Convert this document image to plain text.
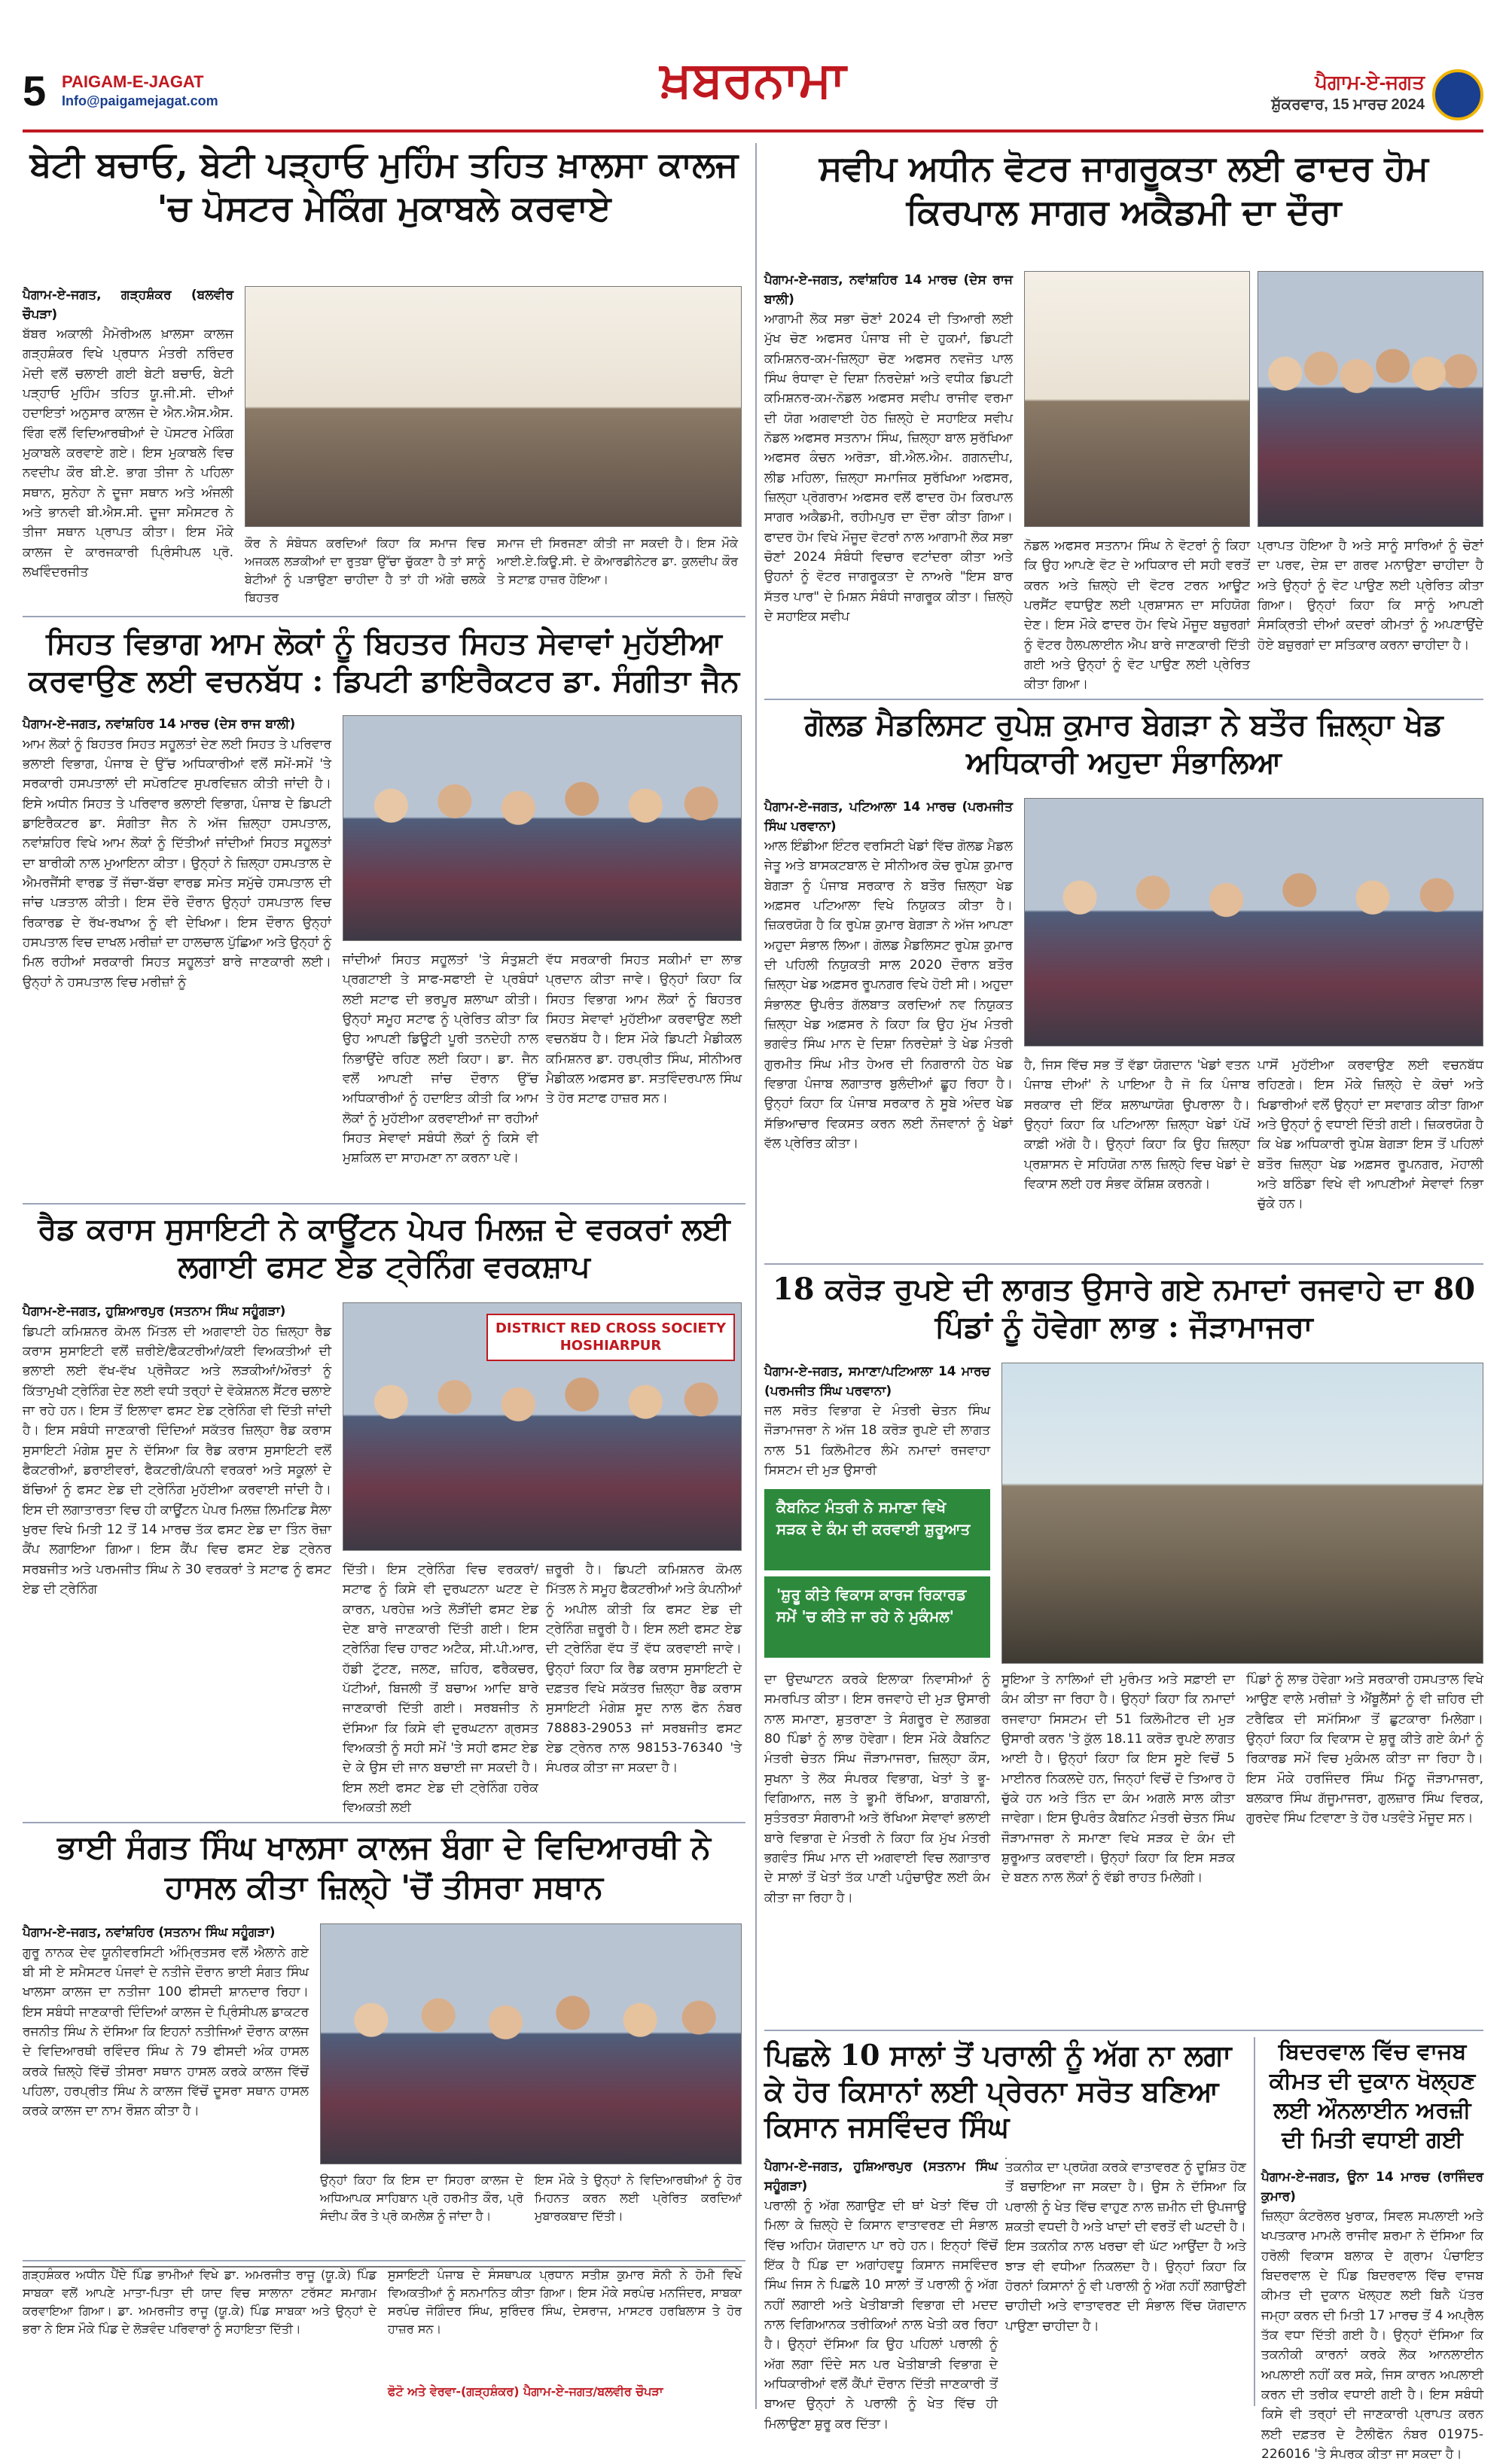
5 PAIGAM-E-JAGAT
Info@paigamejagat.com	ਖ਼ਬਰਨਾਮਾ	ਪੈਗਾਮ-ਏ-ਜਗਤ
ਸ਼ੁੱਕਰਵਾਰ, 15 ਮਾਰਚ 2024
ਬੇਟੀ ਬਚਾਓ, ਬੇਟੀ ਪੜ੍ਹਾਓ ਮੁਹਿੰਮ ਤਹਿਤ ਖ਼ਾਲਸਾ ਕਾਲਜ 'ਚ ਪੋਸਟਰ ਮੇਕਿੰਗ ਮੁਕਾਬਲੇ ਕਰਵਾਏ
ਪੈਗਾਮ-ਏ-ਜਗਤ, ਗੜ੍ਹਸ਼ੰਕਰ (ਬਲਵੀਰ ਚੌਪੜਾ)
ਬੱਬਰ ਅਕਾਲੀ ਮੈਮੋਰੀਅਲ ਖ਼ਾਲਸਾ ਕਾਲਜ ਗੜ੍ਹਸ਼ੰਕਰ ਵਿਖੇ ਪ੍ਰਧਾਨ ਮੰਤਰੀ ਨਰਿੰਦਰ ਮੋਦੀ ਵਲੋਂ ਚਲਾਈ ਗਈ ਬੇਟੀ ਬਚਾਓ, ਬੇਟੀ ਪੜ੍ਹਾਓ ਮੁਹਿੰਮ ਤਹਿਤ ਯੂ.ਜੀ.ਸੀ. ਦੀਆਂ ਹਦਾਇਤਾਂ ਅਨੁਸਾਰ ਕਾਲਜ ਦੇ ਐਨ.ਐਸ.ਐਸ. ਵਿੰਗ ਵਲੋਂ ਵਿਦਿਆਰਥੀਆਂ ਦੇ ਪੋਸਟਰ ਮੇਕਿੰਗ ਮੁਕਾਬਲੇ ਕਰਵਾਏ ਗਏ। ਇਸ ਮੁਕਾਬਲੇ ਵਿਚ ਨਵਦੀਪ ਕੌਰ ਬੀ.ਏ. ਭਾਗ ਤੀਜਾ ਨੇ ਪਹਿਲਾ ਸਥਾਨ, ਸੁਨੇਹਾ ਨੇ ਦੂਜਾ ਸਥਾਨ ਅਤੇ ਅੰਜਲੀ ਅਤੇ ਭਾਨਵੀ ਬੀ.ਐਸ.ਸੀ. ਦੂਜਾ ਸਮੈਸਟਰ ਨੇ ਤੀਜਾ ਸਥਾਨ ਪ੍ਰਾਪਤ ਕੀਤਾ। ਇਸ ਮੌਕੇ ਕਾਲਜ ਦੇ ਕਾਰਜਕਾਰੀ ਪ੍ਰਿੰਸੀਪਲ ਪ੍ਰੋ. ਲਖਵਿੰਦਰਜੀਤ
ਕੌਰ ਨੇ ਸੰਬੋਧਨ ਕਰਦਿਆਂ ਕਿਹਾ ਕਿ ਸਮਾਜ ਵਿਚ ਅਜਕਲ ਲੜਕੀਆਂ ਦਾ ਰੁਤਬਾ ਉੱਚਾ ਚੁੱਕਣਾ ਹੈ ਤਾਂ ਸਾਨੂੰ ਬੇਟੀਆਂ ਨੂੰ ਪੜਾਉਣਾ ਚਾਹੀਦਾ ਹੈ ਤਾਂ ਹੀ ਅੱਗੇ ਚਲਕੇ ਬਿਹਤਰ
ਸਮਾਜ ਦੀ ਸਿਰਜਣਾ ਕੀਤੀ ਜਾ ਸਕਦੀ ਹੈ। ਇਸ ਮੌਕੇ ਆਈ.ਏ.ਕਿਊ.ਸੀ. ਦੇ ਕੋਆਰਡੀਨੇਟਰ ਡਾ. ਕੁਲਦੀਪ ਕੌਰ ਤੇ ਸਟਾਫ਼ ਹਾਜ਼ਰ ਹੋਇਆ।
ਸਿਹਤ ਵਿਭਾਗ ਆਮ ਲੋਕਾਂ ਨੂੰ ਬਿਹਤਰ ਸਿਹਤ ਸੇਵਾਵਾਂ ਮੁਹੱਈਆ ਕਰਵਾਉਣ ਲਈ ਵਚਨਬੱਧ : ਡਿਪਟੀ ਡਾਇਰੈਕਟਰ ਡਾ. ਸੰਗੀਤਾ ਜੈਨ
ਪੈਗਾਮ-ਏ-ਜਗਤ, ਨਵਾਂਸ਼ਹਿਰ 14 ਮਾਰਚ (ਦੇਸ ਰਾਜ ਬਾਲੀ)
ਆਮ ਲੋਕਾਂ ਨੂੰ ਬਿਹਤਰ ਸਿਹਤ ਸਹੂਲਤਾਂ ਦੇਣ ਲਈ ਸਿਹਤ ਤੇ ਪਰਿਵਾਰ ਭਲਾਈ ਵਿਭਾਗ, ਪੰਜਾਬ ਦੇ ਉੱਚ ਅਧਿਕਾਰੀਆਂ ਵਲੋਂ ਸਮੇਂ-ਸਮੇਂ 'ਤੇ ਸਰਕਾਰੀ ਹਸਪਤਾਲਾਂ ਦੀ ਸਪੋਰਟਿਵ ਸੁਪਰਵਿਜ਼ਨ ਕੀਤੀ ਜਾਂਦੀ ਹੈ। ਇਸੇ ਅਧੀਨ ਸਿਹਤ ਤੇ ਪਰਿਵਾਰ ਭਲਾਈ ਵਿਭਾਗ, ਪੰਜਾਬ ਦੇ ਡਿਪਟੀ ਡਾਇਰੈਕਟਰ ਡਾ. ਸੰਗੀਤਾ ਜੈਨ ਨੇ ਅੱਜ ਜ਼ਿਲ੍ਹਾ ਹਸਪਤਾਲ, ਨਵਾਂਸ਼ਹਿਰ ਵਿਖੇ ਆਮ ਲੋਕਾਂ ਨੂੰ ਦਿੱਤੀਆਂ ਜਾਂਦੀਆਂ ਸਿਹਤ ਸਹੂਲਤਾਂ ਦਾ ਬਾਰੀਕੀ ਨਾਲ ਮੁਆਇਨਾ ਕੀਤਾ। ਉਨ੍ਹਾਂ ਨੇ ਜ਼ਿਲ੍ਹਾ ਹਸਪਤਾਲ ਦੇ ਐਮਰਜੈਂਸੀ ਵਾਰਡ ਤੋਂ ਜੱਚਾ-ਬੱਚਾ ਵਾਰਡ ਸਮੇਤ ਸਮੁੱਚੇ ਹਸਪਤਾਲ ਦੀ ਜਾਂਚ ਪੜਤਾਲ ਕੀਤੀ। ਇਸ ਦੌਰੇ ਦੌਰਾਨ ਉਨ੍ਹਾਂ ਹਸਪਤਾਲ ਵਿਚ ਰਿਕਾਰਡ ਦੇ ਰੱਖ-ਰਖਾਅ ਨੂੰ ਵੀ ਦੇਖਿਆ। ਇਸ ਦੌਰਾਨ ਉਨ੍ਹਾਂ ਹਸਪਤਾਲ ਵਿਚ ਦਾਖਲ ਮਰੀਜ਼ਾਂ ਦਾ ਹਾਲਚਾਲ ਪੁੱਛਿਆ ਅਤੇ ਉਨ੍ਹਾਂ ਨੂੰ ਮਿਲ ਰਹੀਆਂ ਸਰਕਾਰੀ ਸਿਹਤ ਸਹੂਲਤਾਂ ਬਾਰੇ ਜਾਣਕਾਰੀ ਲਈ। ਉਨ੍ਹਾਂ ਨੇ ਹਸਪਤਾਲ ਵਿਚ ਮਰੀਜ਼ਾਂ ਨੂੰ
ਜਾਂਦੀਆਂ ਸਿਹਤ ਸਹੂਲਤਾਂ 'ਤੇ ਸੰਤੁਸ਼ਟੀ ਪ੍ਰਗਟਾਈ ਤੇ ਸਾਫ-ਸਫਾਈ ਦੇ ਪ੍ਰਬੰਧਾਂ ਲਈ ਸਟਾਫ ਦੀ ਭਰਪੂਰ ਸ਼ਲਾਘਾ ਕੀਤੀ। ਉਨ੍ਹਾਂ ਸਮੂਹ ਸਟਾਫ ਨੂੰ ਪ੍ਰੇਰਿਤ ਕੀਤਾ ਕਿ ਉਹ ਆਪਣੀ ਡਿਊਟੀ ਪੂਰੀ ਤਨਦੇਹੀ ਨਾਲ ਨਿਭਾਉਂਦੇ ਰਹਿਣ ਲਈ ਕਿਹਾ। ਡਾ. ਜੈਨ ਵਲੋਂ ਆਪਣੀ ਜਾਂਚ ਦੌਰਾਨ ਉੱਚ ਅਧਿਕਾਰੀਆਂ ਨੂੰ ਹਦਾਇਤ ਕੀਤੀ ਕਿ ਆਮ ਲੋਕਾਂ ਨੂੰ ਮੁਹੱਈਆ ਕਰਵਾਈਆਂ ਜਾ ਰਹੀਆਂ ਸਿਹਤ ਸੇਵਾਵਾਂ ਸਬੰਧੀ ਲੋਕਾਂ ਨੂੰ ਕਿਸੇ ਵੀ ਮੁਸ਼ਕਿਲ ਦਾ ਸਾਹਮਣਾ ਨਾ ਕਰਨਾ ਪਵੇ।
ਵੱਧ ਸਰਕਾਰੀ ਸਿਹਤ ਸਕੀਮਾਂ ਦਾ ਲਾਭ ਪ੍ਰਦਾਨ ਕੀਤਾ ਜਾਵੇ। ਉਨ੍ਹਾਂ ਕਿਹਾ ਕਿ ਸਿਹਤ ਵਿਭਾਗ ਆਮ ਲੋਕਾਂ ਨੂੰ ਬਿਹਤਰ ਸਿਹਤ ਸੇਵਾਵਾਂ ਮੁਹੱਈਆ ਕਰਵਾਉਣ ਲਈ ਵਚਨਬੱਧ ਹੈ। ਇਸ ਮੌਕੇ ਡਿਪਟੀ ਮੈਡੀਕਲ ਕਮਿਸ਼ਨਰ ਡਾ. ਹਰਪ੍ਰੀਤ ਸਿੰਘ, ਸੀਨੀਅਰ ਮੈਡੀਕਲ ਅਫਸਰ ਡਾ. ਸਤਵਿੰਦਰਪਾਲ ਸਿੰਘ ਤੇ ਹੋਰ ਸਟਾਫ ਹਾਜ਼ਰ ਸਨ।
ਰੈਡ ਕਰਾਸ ਸੁਸਾਇਟੀ ਨੇ ਕਾਊਂਟਨ ਪੇਪਰ ਮਿਲਜ਼ ਦੇ ਵਰਕਰਾਂ ਲਈ ਲਗਾਈ ਫਸਟ ਏਡ ਟ੍ਰੇਨਿੰਗ ਵਰਕਸ਼ਾਪ
ਪੈਗਾਮ-ਏ-ਜਗਤ, ਹੁਸ਼ਿਆਰਪੁਰ (ਸਤਨਾਮ ਸਿੰਘ ਸਹੂੰਗੜਾ)
ਡਿਪਟੀ ਕਮਿਸ਼ਨਰ ਕੋਮਲ ਮਿੱਤਲ ਦੀ ਅਗਵਾਈ ਹੇਠ ਜ਼ਿਲ੍ਹਾ ਰੈਡ ਕਰਾਸ ਸੁਸਾਇਟੀ ਵਲੋਂ ਜ਼ਰੀਏ/ਫੈਕਟਰੀਆਂ/ਕਈ ਵਿਅਕਤੀਆਂ ਦੀ ਭਲਾਈ ਲਈ ਵੱਖ-ਵੱਖ ਪ੍ਰੋਜੈਕਟ ਅਤੇ ਲੜਕੀਆਂ/ਔਰਤਾਂ ਨੂੰ ਕਿੱਤਾਮੁਖੀ ਟ੍ਰੇਨਿੰਗ ਦੇਣ ਲਈ ਵਧੀ ਤਰ੍ਹਾਂ ਦੇ ਵੋਕੇਸ਼ਨਲ ਸੈਂਟਰ ਚਲਾਏ ਜਾ ਰਹੇ ਹਨ। ਇਸ ਤੋਂ ਇਲਾਵਾ ਫਸਟ ਏਡ ਟ੍ਰੇਨਿੰਗ ਵੀ ਦਿੱਤੀ ਜਾਂਦੀ ਹੈ। ਇਸ ਸਬੰਧੀ ਜਾਣਕਾਰੀ ਦਿੰਦਿਆਂ ਸਕੱਤਰ ਜ਼ਿਲ੍ਹਾ ਰੈਡ ਕਰਾਸ ਸੁਸਾਇਟੀ ਮੰਗੇਸ਼ ਸੂਦ ਨੇ ਦੱਸਿਆ ਕਿ ਰੈਡ ਕਰਾਸ ਸੁਸਾਇਟੀ ਵਲੋਂ ਫੈਕਟਰੀਆਂ, ਡਰਾਈਵਰਾਂ, ਫੈਕਟਰੀ/ਕੰਪਨੀ ਵਰਕਰਾਂ ਅਤੇ ਸਕੂਲਾਂ ਦੇ ਬੱਚਿਆਂ ਨੂੰ ਫਸਟ ਏਡ ਦੀ ਟ੍ਰੇਨਿੰਗ ਮੁਹੱਈਆ ਕਰਵਾਈ ਜਾਂਦੀ ਹੈ। ਇਸ ਦੀ ਲਗਾਤਾਰਤਾ ਵਿਚ ਹੀ ਕਾਊਂਟਨ ਪੇਪਰ ਮਿਲਜ਼ ਲਿਮਟਿਡ ਸੈਲਾ ਖੁਰਦ ਵਿਖੇ ਮਿਤੀ 12 ਤੋਂ 14 ਮਾਰਚ ਤੱਕ ਫਸਟ ਏਡ ਦਾ ਤਿੰਨ ਰੋਜ਼ਾ ਕੈਂਪ ਲਗਾਇਆ ਗਿਆ। ਇਸ ਕੈਂਪ ਵਿਚ ਫਸਟ ਏਡ ਟ੍ਰੇਨਰ ਸਰਬਜੀਤ ਅਤੇ ਪਰਮਜੀਤ ਸਿੰਘ ਨੇ 30 ਵਰਕਰਾਂ ਤੇ ਸਟਾਫ ਨੂੰ ਫਸਟ ਏਡ ਦੀ ਟ੍ਰੇਨਿੰਗ
DISTRICT RED CROSS SOCIETY HOSHIARPUR
ਦਿੱਤੀ। ਇਸ ਟ੍ਰੇਨਿੰਗ ਵਿਚ ਵਰਕਰਾਂ/ਸਟਾਫ ਨੂੰ ਕਿਸੇ ਵੀ ਦੁਰਘਟਨਾ ਘਟਣ ਦੇ ਕਾਰਨ, ਪਰਹੇਜ਼ ਅਤੇ ਲੋੜੀਂਦੀ ਫਸਟ ਏਡ ਦੇਣ ਬਾਰੇ ਜਾਣਕਾਰੀ ਦਿੱਤੀ ਗਈ। ਇਸ ਟ੍ਰੇਨਿੰਗ ਵਿਚ ਹਾਰਟ ਅਟੈਕ, ਸੀ.ਪੀ.ਆਰ, ਹੱਡੀ ਟੁੱਟਣ, ਜਲਣ, ਜ਼ਹਿਰ, ਫਰੈਕਚਰ, ਪੱਟੀਆਂ, ਬਿਜਲੀ ਤੋਂ ਬਚਾਅ ਆਦਿ ਬਾਰੇ ਜਾਣਕਾਰੀ ਦਿੱਤੀ ਗਈ। ਸਰਬਜੀਤ ਨੇ ਦੱਸਿਆ ਕਿ ਕਿਸੇ ਵੀ ਦੁਰਘਟਨਾ ਗ੍ਰਸਤ ਵਿਅਕਤੀ ਨੂੰ ਸਹੀ ਸਮੇਂ 'ਤੇ ਸਹੀ ਫਸਟ ਏਡ ਦੇ ਕੇ ਉਸ ਦੀ ਜਾਨ ਬਚਾਈ ਜਾ ਸਕਦੀ ਹੈ। ਇਸ ਲਈ ਫਸਟ ਏਡ ਦੀ ਟ੍ਰੇਨਿੰਗ ਹਰੇਕ ਵਿਅਕਤੀ ਲਈ
ਜ਼ਰੂਰੀ ਹੈ। ਡਿਪਟੀ ਕਮਿਸ਼ਨਰ ਕੋਮਲ ਮਿੱਤਲ ਨੇ ਸਮੂਹ ਫੈਕਟਰੀਆਂ ਅਤੇ ਕੰਪਨੀਆਂ ਨੂੰ ਅਪੀਲ ਕੀਤੀ ਕਿ ਫਸਟ ਏਡ ਦੀ ਟ੍ਰੇਨਿੰਗ ਜ਼ਰੂਰੀ ਹੈ। ਇਸ ਲਈ ਫਸਟ ਏਡ ਦੀ ਟ੍ਰੇਨਿੰਗ ਵੱਧ ਤੋਂ ਵੱਧ ਕਰਵਾਈ ਜਾਵੇ। ਉਨ੍ਹਾਂ ਕਿਹਾ ਕਿ ਰੈਡ ਕਰਾਸ ਸੁਸਾਇਟੀ ਦੇ ਦਫ਼ਤਰ ਵਿਖੇ ਸਕੱਤਰ ਜ਼ਿਲ੍ਹਾ ਰੈਡ ਕਰਾਸ ਸੁਸਾਇਟੀ ਮੰਗੇਸ਼ ਸੂਦ ਨਾਲ ਫੋਨ ਨੰਬਰ 78883-29053 ਜਾਂ ਸਰਬਜੀਤ ਫਸਟ ਏਡ ਟ੍ਰੇਨਰ ਨਾਲ 98153-76340 'ਤੇ ਸੰਪਰਕ ਕੀਤਾ ਜਾ ਸਕਦਾ ਹੈ।
ਭਾਈ ਸੰਗਤ ਸਿੰਘ ਖਾਲਸਾ ਕਾਲਜ ਬੰਗਾ ਦੇ ਵਿਦਿਆਰਥੀ ਨੇ ਹਾਸਲ ਕੀਤਾ ਜ਼ਿਲ੍ਹੇ 'ਚੋਂ ਤੀਸਰਾ ਸਥਾਨ
ਪੈਗਾਮ-ਏ-ਜਗਤ, ਨਵਾਂਸ਼ਹਿਰ (ਸਤਨਾਮ ਸਿੰਘ ਸਹੂੰਗੜਾ)
ਗੁਰੂ ਨਾਨਕ ਦੇਵ ਯੂਨੀਵਰਸਿਟੀ ਅੰਮ੍ਰਿਤਸਰ ਵਲੋਂ ਐਲਾਨੇ ਗਏ ਬੀ ਸੀ ਏ ਸਮੈਸਟਰ ਪੰਜਵਾਂ ਦੇ ਨਤੀਜੇ ਦੌਰਾਨ ਭਾਈ ਸੰਗਤ ਸਿੰਘ ਖਾਲਸਾ ਕਾਲਜ ਦਾ ਨਤੀਜਾ 100 ਫੀਸਦੀ ਸ਼ਾਨਦਾਰ ਰਿਹਾ। ਇਸ ਸਬੰਧੀ ਜਾਣਕਾਰੀ ਦਿੰਦਿਆਂ ਕਾਲਜ ਦੇ ਪ੍ਰਿੰਸੀਪਲ ਡਾਕਟਰ ਰਜਨੀਤ ਸਿੰਘ ਨੇ ਦੱਸਿਆ ਕਿ ਇਹਨਾਂ ਨਤੀਜਿਆਂ ਦੌਰਾਨ ਕਾਲਜ ਦੇ ਵਿਦਿਆਰਥੀ ਰਵਿੰਦਰ ਸਿੰਘ ਨੇ 79 ਫੀਸਦੀ ਅੰਕ ਹਾਸਲ ਕਰਕੇ ਜ਼ਿਲ੍ਹੇ ਵਿੱਚੋਂ ਤੀਸਰਾ ਸਥਾਨ ਹਾਸਲ ਕਰਕੇ ਕਾਲਜ ਵਿੱਚੋਂ ਪਹਿਲਾ, ਹਰਪ੍ਰੀਤ ਸਿੰਘ ਨੇ ਕਾਲਜ ਵਿੱਚੋਂ ਦੂਸਰਾ ਸਥਾਨ ਹਾਸਲ ਕਰਕੇ ਕਾਲਜ ਦਾ ਨਾਮ ਰੌਸ਼ਨ ਕੀਤਾ ਹੈ।
ਉਨ੍ਹਾਂ ਕਿਹਾ ਕਿ ਇਸ ਦਾ ਸਿਹਰਾ ਕਾਲਜ ਦੇ ਅਧਿਆਪਕ ਸਾਹਿਬਾਨ ਪ੍ਰੋ ਹਰਮੀਤ ਕੌਰ, ਪ੍ਰੋ ਸੰਦੀਪ ਕੌਰ ਤੇ ਪ੍ਰੋ ਕਮਲੇਸ਼ ਨੂੰ ਜਾਂਦਾ ਹੈ।
ਇਸ ਮੌਕੇ ਤੇ ਉਨ੍ਹਾਂ ਨੇ ਵਿਦਿਆਰਥੀਆਂ ਨੂੰ ਹੋਰ ਮਿਹਨਤ ਕਰਨ ਲਈ ਪ੍ਰੇਰਿਤ ਕਰਦਿਆਂ ਮੁਬਾਰਕਬਾਦ ਦਿੱਤੀ।
ਸਵੀਪ ਅਧੀਨ ਵੋਟਰ ਜਾਗਰੂਕਤਾ ਲਈ ਫਾਦਰ ਹੋਮ ਕਿਰਪਾਲ ਸਾਗਰ ਅਕੈਡਮੀ ਦਾ ਦੌਰਾ
ਪੈਗਾਮ-ਏ-ਜਗਤ, ਨਵਾਂਸ਼ਹਿਰ 14 ਮਾਰਚ (ਦੇਸ ਰਾਜ ਬਾਲੀ)
ਆਗਾਮੀ ਲੋਕ ਸਭਾ ਚੋਣਾਂ 2024 ਦੀ ਤਿਆਰੀ ਲਈ ਮੁੱਖ ਚੋਣ ਅਫਸਰ ਪੰਜਾਬ ਜੀ ਦੇ ਹੁਕਮਾਂ, ਡਿਪਟੀ ਕਮਿਸ਼ਨਰ-ਕਮ-ਜ਼ਿਲ੍ਹਾ ਚੋਣ ਅਫਸਰ ਨਵਜੋਤ ਪਾਲ ਸਿੰਘ ਰੰਧਾਵਾ ਦੇ ਦਿਸ਼ਾ ਨਿਰਦੇਸ਼ਾਂ ਅਤੇ ਵਧੀਕ ਡਿਪਟੀ ਕਮਿਸ਼ਨਰ-ਕਮ-ਨੋਡਲ ਅਫਸਰ ਸਵੀਪ ਰਾਜੀਵ ਵਰਮਾ ਦੀ ਯੋਗ ਅਗਵਾਈ ਹੇਠ ਜ਼ਿਲ੍ਹੇ ਦੇ ਸਹਾਇਕ ਸਵੀਪ ਨੋਡਲ ਅਫਸਰ ਸਤਨਾਮ ਸਿੰਘ, ਜ਼ਿਲ੍ਹਾ ਬਾਲ ਸੁਰੱਖਿਆ ਅਫਸਰ ਕੰਚਨ ਅਰੋੜਾ, ਬੀ.ਐਲ.ਐਮ. ਗਗਨਦੀਪ, ਲੀਡ ਮਹਿਲਾ, ਜ਼ਿਲ੍ਹਾ ਸਮਾਜਿਕ ਸੁਰੱਖਿਆ ਅਫਸਰ, ਜ਼ਿਲ੍ਹਾ ਪ੍ਰੋਗਰਾਮ ਅਫਸਰ ਵਲੋਂ ਫਾਦਰ ਹੋਮ ਕਿਰਪਾਲ ਸਾਗਰ ਅਕੈਡਮੀ, ਰਹੀਮਪੁਰ ਦਾ ਦੌਰਾ ਕੀਤਾ ਗਿਆ। ਫਾਦਰ ਹੋਮ ਵਿਖੇ ਮੌਜੂਦ ਵੋਟਰਾਂ ਨਾਲ ਆਗਾਮੀ ਲੋਕ ਸਭਾ ਚੋਣਾਂ 2024 ਸੰਬੰਧੀ ਵਿਚਾਰ ਵਟਾਂਦਰਾ ਕੀਤਾ ਅਤੇ ਉਹਨਾਂ ਨੂੰ ਵੋਟਰ ਜਾਗਰੂਕਤਾ ਦੇ ਨਾਅਰੇ "ਇਸ ਬਾਰ ਸੱਤਰ ਪਾਰ" ਦੇ ਮਿਸ਼ਨ ਸੰਬੰਧੀ ਜਾਗਰੂਕ ਕੀਤਾ। ਜ਼ਿਲ੍ਹੇ ਦੇ ਸਹਾਇਕ ਸਵੀਪ
ਨੋਡਲ ਅਫਸਰ ਸਤਨਾਮ ਸਿੰਘ ਨੇ ਵੋਟਰਾਂ ਨੂੰ ਕਿਹਾ ਕਿ ਉਹ ਆਪਣੇ ਵੋਟ ਦੇ ਅਧਿਕਾਰ ਦੀ ਸਹੀ ਵਰਤੋਂ ਕਰਨ ਅਤੇ ਜ਼ਿਲ੍ਹੇ ਦੀ ਵੋਟਰ ਟਰਨ ਆਊਟ ਪਰਸੈਂਟ ਵਧਾਉਣ ਲਈ ਪ੍ਰਸ਼ਾਸਨ ਦਾ ਸਹਿਯੋਗ ਦੇਣ। ਇਸ ਮੌਕੇ ਫਾਦਰ ਹੋਮ ਵਿਖੇ ਮੌਜੂਦ ਬਜ਼ੁਰਗਾਂ ਨੂੰ ਵੋਟਰ ਹੈਲਪਲਾਈਨ ਐਪ ਬਾਰੇ ਜਾਣਕਾਰੀ ਦਿੱਤੀ ਗਈ ਅਤੇ ਉਨ੍ਹਾਂ ਨੂੰ ਵੋਟ ਪਾਉਣ ਲਈ ਪ੍ਰੇਰਿਤ ਕੀਤਾ ਗਿਆ।
ਪ੍ਰਾਪਤ ਹੋਇਆ ਹੈ ਅਤੇ ਸਾਨੂੰ ਸਾਰਿਆਂ ਨੂੰ ਚੋਣਾਂ ਦਾ ਪਰਵ, ਦੇਸ਼ ਦਾ ਗਰਵ ਮਨਾਉਣਾ ਚਾਹੀਦਾ ਹੈ ਅਤੇ ਉਨ੍ਹਾਂ ਨੂੰ ਵੋਟ ਪਾਉਣ ਲਈ ਪ੍ਰੇਰਿਤ ਕੀਤਾ ਗਿਆ। ਉਨ੍ਹਾਂ ਕਿਹਾ ਕਿ ਸਾਨੂੰ ਆਪਣੀ ਸੰਸਕ੍ਰਿਤੀ ਦੀਆਂ ਕਦਰਾਂ ਕੀਮਤਾਂ ਨੂੰ ਅਪਣਾਉਂਦੇ ਹੋਏ ਬਜ਼ੁਰਗਾਂ ਦਾ ਸਤਿਕਾਰ ਕਰਨਾ ਚਾਹੀਦਾ ਹੈ।
ਗੋਲਡ ਮੈਡਲਿਸਟ ਰੁਪੇਸ਼ ਕੁਮਾਰ ਬੇਗੜਾ ਨੇ ਬਤੌਰ ਜ਼ਿਲ੍ਹਾ ਖੇਡ ਅਧਿਕਾਰੀ ਅਹੁਦਾ ਸੰਭਾਲਿਆ
ਪੈਗਾਮ-ਏ-ਜਗਤ, ਪਟਿਆਲਾ 14 ਮਾਰਚ (ਪਰਮਜੀਤ ਸਿੰਘ ਪਰਵਾਨਾ)
ਆਲ ਇੰਡੀਆ ਇੰਟਰ ਵਰਸਿਟੀ ਖੇਡਾਂ ਵਿੱਚ ਗੋਲਡ ਮੈਡਲ ਜੇਤੂ ਅਤੇ ਬਾਸਕਟਬਾਲ ਦੇ ਸੀਨੀਅਰ ਕੋਚ ਰੁਪੇਸ਼ ਕੁਮਾਰ ਬੇਗੜਾ ਨੂੰ ਪੰਜਾਬ ਸਰਕਾਰ ਨੇ ਬਤੌਰ ਜ਼ਿਲ੍ਹਾ ਖੇਡ ਅਫ਼ਸਰ ਪਟਿਆਲਾ ਵਿਖੇ ਨਿਯੁਕਤ ਕੀਤਾ ਹੈ। ਜ਼ਿਕਰਯੋਗ ਹੈ ਕਿ ਰੁਪੇਸ਼ ਕੁਮਾਰ ਬੇਗੜਾ ਨੇ ਅੱਜ ਆਪਣਾ ਅਹੁਦਾ ਸੰਭਾਲ ਲਿਆ। ਗੋਲਡ ਮੈਡਲਿਸਟ ਰੁਪੇਸ਼ ਕੁਮਾਰ ਦੀ ਪਹਿਲੀ ਨਿਯੁਕਤੀ ਸਾਲ 2020 ਦੌਰਾਨ ਬਤੌਰ ਜ਼ਿਲ੍ਹਾ ਖੇਡ ਅਫ਼ਸਰ ਰੂਪਨਗਰ ਵਿਖੇ ਹੋਈ ਸੀ। ਅਹੁਦਾ ਸੰਭਾਲਣ ਉਪਰੰਤ ਗੱਲਬਾਤ ਕਰਦਿਆਂ ਨਵ ਨਿਯੁਕਤ ਜ਼ਿਲ੍ਹਾ ਖੇਡ ਅਫ਼ਸਰ ਨੇ ਕਿਹਾ ਕਿ ਉਹ ਮੁੱਖ ਮੰਤਰੀ ਭਗਵੰਤ ਸਿੰਘ ਮਾਨ ਦੇ ਦਿਸ਼ਾ ਨਿਰਦੇਸ਼ਾਂ ਤੇ ਖੇਡ ਮੰਤਰੀ ਗੁਰਮੀਤ ਸਿੰਘ ਮੀਤ ਹੇਅਰ ਦੀ ਨਿਗਰਾਨੀ ਹੇਠ ਖੇਡ ਵਿਭਾਗ ਪੰਜਾਬ ਲਗਾਤਾਰ ਬੁਲੰਦੀਆਂ ਛੂਹ ਰਿਹਾ ਹੈ। ਉਨ੍ਹਾਂ ਕਿਹਾ ਕਿ ਪੰਜਾਬ ਸਰਕਾਰ ਨੇ ਸੂਬੇ ਅੰਦਰ ਖੇਡ ਸੱਭਿਆਚਾਰ ਵਿਕਸਤ ਕਰਨ ਲਈ ਨੌਜਵਾਨਾਂ ਨੂੰ ਖੇਡਾਂ ਵੱਲ ਪ੍ਰੇਰਿਤ ਕੀਤਾ।
ਹੈ, ਜਿਸ ਵਿੱਚ ਸਭ ਤੋਂ ਵੱਡਾ ਯੋਗਦਾਨ 'ਖੇਡਾਂ ਵਤਨ ਪੰਜਾਬ ਦੀਆਂ' ਨੇ ਪਾਇਆ ਹੈ ਜੋ ਕਿ ਪੰਜਾਬ ਸਰਕਾਰ ਦੀ ਇੱਕ ਸ਼ਲਾਘਾਯੋਗ ਉਪਰਾਲਾ ਹੈ। ਉਨ੍ਹਾਂ ਕਿਹਾ ਕਿ ਪਟਿਆਲਾ ਜ਼ਿਲ੍ਹਾ ਖੇਡਾਂ ਪੱਖੋਂ ਕਾਫ਼ੀ ਅੱਗੇ ਹੈ। ਉਨ੍ਹਾਂ ਕਿਹਾ ਕਿ ਉਹ ਜ਼ਿਲ੍ਹਾ ਪ੍ਰਸ਼ਾਸਨ ਦੇ ਸਹਿਯੋਗ ਨਾਲ ਜ਼ਿਲ੍ਹੇ ਵਿਚ ਖੇਡਾਂ ਦੇ ਵਿਕਾਸ ਲਈ ਹਰ ਸੰਭਵ ਕੋਸ਼ਿਸ਼ ਕਰਨਗੇ।
ਪਾਸੋਂ ਮੁਹੱਈਆ ਕਰਵਾਉਣ ਲਈ ਵਚਨਬੱਧ ਰਹਿਣਗੇ। ਇਸ ਮੌਕੇ ਜ਼ਿਲ੍ਹੇ ਦੇ ਕੋਚਾਂ ਅਤੇ ਖਿਡਾਰੀਆਂ ਵਲੋਂ ਉਨ੍ਹਾਂ ਦਾ ਸਵਾਗਤ ਕੀਤਾ ਗਿਆ ਅਤੇ ਉਨ੍ਹਾਂ ਨੂੰ ਵਧਾਈ ਦਿੱਤੀ ਗਈ। ਜ਼ਿਕਰਯੋਗ ਹੈ ਕਿ ਖੇਡ ਅਧਿਕਾਰੀ ਰੁਪੇਸ਼ ਬੇਗੜਾ ਇਸ ਤੋਂ ਪਹਿਲਾਂ ਬਤੌਰ ਜ਼ਿਲ੍ਹਾ ਖੇਡ ਅਫ਼ਸਰ ਰੂਪਨਗਰ, ਮੋਹਾਲੀ ਅਤੇ ਬਠਿੰਡਾ ਵਿਖੇ ਵੀ ਆਪਣੀਆਂ ਸੇਵਾਵਾਂ ਨਿਭਾ ਚੁੱਕੇ ਹਨ।
18 ਕਰੋੜ ਰੁਪਏ ਦੀ ਲਾਗਤ ਉਸਾਰੇ ਗਏ ਨਮਾਦਾਂ ਰਜਵਾਹੇ ਦਾ 80 ਪਿੰਡਾਂ ਨੂੰ ਹੋਵੇਗਾ ਲਾਭ : ਜੌੜਾਮਾਜਰਾ
ਪੈਗਾਮ-ਏ-ਜਗਤ, ਸਮਾਣਾ/ਪਟਿਆਲਾ 14 ਮਾਰਚ (ਪਰਮਜੀਤ ਸਿੰਘ ਪਰਵਾਨਾ)
ਜਲ ਸਰੋਤ ਵਿਭਾਗ ਦੇ ਮੰਤਰੀ ਚੇਤਨ ਸਿੰਘ ਜੌੜਾਮਾਜਰਾ ਨੇ ਅੱਜ 18 ਕਰੋੜ ਰੁਪਏ ਦੀ ਲਾਗਤ ਨਾਲ 51 ਕਿਲੋਮੀਟਰ ਲੰਮੇ ਨਮਾਦਾਂ ਰਜਵਾਹਾ ਸਿਸਟਮ ਦੀ ਮੁੜ ਉਸਾਰੀ
ਕੈਬਨਿਟ ਮੰਤਰੀ ਨੇ ਸਮਾਣਾ ਵਿਖੇ ਸੜਕ ਦੇ ਕੰਮ ਦੀ ਕਰਵਾਈ ਸ਼ੁਰੂਆਤ
'ਸ਼ੁਰੂ ਕੀਤੇ ਵਿਕਾਸ ਕਾਰਜ ਰਿਕਾਰਡ ਸਮੇਂ 'ਚ ਕੀਤੇ ਜਾ ਰਹੇ ਨੇ ਮੁਕੰਮਲ'
ਦਾ ਉਦਘਾਟਨ ਕਰਕੇ ਇਲਾਕਾ ਨਿਵਾਸੀਆਂ ਨੂੰ ਸਮਰਪਿਤ ਕੀਤਾ। ਇਸ ਰਜਵਾਹੇ ਦੀ ਮੁੜ ਉਸਾਰੀ ਨਾਲ ਸਮਾਣਾ, ਸ਼ੁਤਰਾਣਾ ਤੇ ਸੰਗਰੂਰ ਦੇ ਲਗਭਗ 80 ਪਿੰਡਾਂ ਨੂੰ ਲਾਭ ਹੋਵੇਗਾ। ਇਸ ਮੌਕੇ ਕੈਬਨਿਟ ਮੰਤਰੀ ਚੇਤਨ ਸਿੰਘ ਜੌੜਾਮਾਜਰਾ, ਜ਼ਿਲ੍ਹਾ ਕੌਸ, ਸੁਖਨਾ ਤੇ ਲੋਕ ਸੰਪਰਕ ਵਿਭਾਗ, ਖੇਤਾਂ ਤੇ ਭੂ-ਵਿਗਿਆਨ, ਜਲ ਤੇ ਭੂਮੀ ਰੱਖਿਆ, ਬਾਗਬਾਨੀ, ਸੁਤੰਤਰਤਾ ਸੰਗਰਾਮੀ ਅਤੇ ਰੱਖਿਆ ਸੇਵਾਵਾਂ ਭਲਾਈ ਬਾਰੇ ਵਿਭਾਗ ਦੇ ਮੰਤਰੀ ਨੇ ਕਿਹਾ ਕਿ ਮੁੱਖ ਮੰਤਰੀ ਭਗਵੰਤ ਸਿੰਘ ਮਾਨ ਦੀ ਅਗਵਾਈ ਵਿਚ ਲਗਾਤਾਰ ਦੇ ਸਾਲਾਂ ਤੋਂ ਖੇਤਾਂ ਤੱਕ ਪਾਣੀ ਪਹੁੰਚਾਉਣ ਲਈ ਕੰਮ ਕੀਤਾ ਜਾ ਰਿਹਾ ਹੈ।
ਸੂਇਆ ਤੇ ਨਾਲਿਆਂ ਦੀ ਮੁਰੰਮਤ ਅਤੇ ਸਫ਼ਾਈ ਦਾ ਕੰਮ ਕੀਤਾ ਜਾ ਰਿਹਾ ਹੈ। ਉਨ੍ਹਾਂ ਕਿਹਾ ਕਿ ਨਮਾਦਾਂ ਰਜਵਾਹਾ ਸਿਸਟਮ ਦੀ 51 ਕਿਲੋਮੀਟਰ ਦੀ ਮੁੜ ਉਸਾਰੀ ਕਰਨ 'ਤੇ ਕੁੱਲ 18.11 ਕਰੋੜ ਰੁਪਏ ਲਾਗਤ ਆਈ ਹੈ। ਉਨ੍ਹਾਂ ਕਿਹਾ ਕਿ ਇਸ ਸੂਏ ਵਿਚੋਂ 5 ਮਾਈਨਰ ਨਿਕਲਦੇ ਹਨ, ਜਿਨ੍ਹਾਂ ਵਿਚੋਂ ਦੋ ਤਿਆਰ ਹੋ ਚੁੱਕੇ ਹਨ ਅਤੇ ਤਿੰਨ ਦਾ ਕੰਮ ਅਗਲੇ ਸਾਲ ਕੀਤਾ ਜਾਵੇਗਾ। ਇਸ ਉਪਰੰਤ ਕੈਬਨਿਟ ਮੰਤਰੀ ਚੇਤਨ ਸਿੰਘ ਜੌੜਾਮਾਜਰਾ ਨੇ ਸਮਾਣਾ ਵਿਖੇ ਸੜਕ ਦੇ ਕੰਮ ਦੀ ਸ਼ੁਰੂਆਤ ਕਰਵਾਈ। ਉਨ੍ਹਾਂ ਕਿਹਾ ਕਿ ਇਸ ਸੜਕ ਦੇ ਬਣਨ ਨਾਲ ਲੋਕਾਂ ਨੂੰ ਵੱਡੀ ਰਾਹਤ ਮਿਲੇਗੀ।
ਪਿੰਡਾਂ ਨੂੰ ਲਾਭ ਹੋਵੇਗਾ ਅਤੇ ਸਰਕਾਰੀ ਹਸਪਤਾਲ ਵਿਖੇ ਆਉਣ ਵਾਲੇ ਮਰੀਜ਼ਾਂ ਤੇ ਐਂਬੂਲੈਂਸਾਂ ਨੂੰ ਵੀ ਜ਼ਹਿਰ ਦੀ ਟਰੈਫਿਕ ਦੀ ਸਮੱਸਿਆ ਤੋਂ ਛੁਟਕਾਰਾ ਮਿਲੇਗਾ। ਉਨ੍ਹਾਂ ਕਿਹਾ ਕਿ ਵਿਕਾਸ ਦੇ ਸ਼ੁਰੂ ਕੀਤੇ ਗਏ ਕੰਮਾਂ ਨੂੰ ਰਿਕਾਰਡ ਸਮੇਂ ਵਿਚ ਮੁਕੰਮਲ ਕੀਤਾ ਜਾ ਰਿਹਾ ਹੈ। ਇਸ ਮੌਕੇ ਹਰਜਿੰਦਰ ਸਿੰਘ ਮਿੱਠੂ ਜੌੜਾਮਾਜਰਾ, ਬਲਕਾਰ ਸਿੰਘ ਗੱਜੂਮਾਜਰਾ, ਗੁਲਜ਼ਾਰ ਸਿੰਘ ਵਿਰਕ, ਗੁਰਦੇਵ ਸਿੰਘ ਟਿਵਾਣਾ ਤੇ ਹੋਰ ਪਤਵੰਤੇ ਮੌਜੂਦ ਸਨ।
ਪਿਛਲੇ 10 ਸਾਲਾਂ ਤੋਂ ਪਰਾਲੀ ਨੂੰ ਅੱਗ ਨਾ ਲਗਾ ਕੇ ਹੋਰ ਕਿਸਾਨਾਂ ਲਈ ਪ੍ਰੇਰਨਾ ਸਰੋਤ ਬਣਿਆ ਕਿਸਾਨ ਜਸਵਿੰਦਰ ਸਿੰਘ
ਪੈਗਾਮ-ਏ-ਜਗਤ, ਹੁਸ਼ਿਆਰਪੁਰ (ਸਤਨਾਮ ਸਿੰਘ ਸਹੂੰਗੜਾ)
ਪਰਾਲੀ ਨੂੰ ਅੱਗ ਲਗਾਉਣ ਦੀ ਥਾਂ ਖੇਤਾਂ ਵਿੱਚ ਹੀ ਮਿਲਾ ਕੇ ਜ਼ਿਲ੍ਹੇ ਦੇ ਕਿਸਾਨ ਵਾਤਾਵਰਣ ਦੀ ਸੰਭਾਲ ਵਿੱਚ ਅਹਿਮ ਯੋਗਦਾਨ ਪਾ ਰਹੇ ਹਨ। ਇਨ੍ਹਾਂ ਵਿੱਚੋਂ ਇੱਕ ਹੈ ਪਿੰਡ ਦਾ ਅਗਾਂਹਵਧੂ ਕਿਸਾਨ ਜਸਵਿੰਦਰ ਸਿੰਘ ਜਿਸ ਨੇ ਪਿਛਲੇ 10 ਸਾਲਾਂ ਤੋਂ ਪਰਾਲੀ ਨੂੰ ਅੱਗ ਨਹੀਂ ਲਗਾਈ ਅਤੇ ਖੇਤੀਬਾੜੀ ਵਿਭਾਗ ਦੀ ਮਦਦ ਨਾਲ ਵਿਗਿਆਨਕ ਤਰੀਕਿਆਂ ਨਾਲ ਖੇਤੀ ਕਰ ਰਿਹਾ ਹੈ। ਉਨ੍ਹਾਂ ਦੱਸਿਆ ਕਿ ਉਹ ਪਹਿਲਾਂ ਪਰਾਲੀ ਨੂੰ ਅੱਗ ਲਗਾ ਦਿੰਦੇ ਸਨ ਪਰ ਖੇਤੀਬਾੜੀ ਵਿਭਾਗ ਦੇ ਅਧਿਕਾਰੀਆਂ ਵਲੋਂ ਕੈਂਪਾਂ ਦੌਰਾਨ ਦਿੱਤੀ ਜਾਣਕਾਰੀ ਤੋਂ ਬਾਅਦ ਉਨ੍ਹਾਂ ਨੇ ਪਰਾਲੀ ਨੂੰ ਖੇਤ ਵਿੱਚ ਹੀ ਮਿਲਾਉਣਾ ਸ਼ੁਰੂ ਕਰ ਦਿੱਤਾ।
ਤਕਨੀਕ ਦਾ ਪ੍ਰਯੋਗ ਕਰਕੇ ਵਾਤਾਵਰਣ ਨੂੰ ਦੂਸ਼ਿਤ ਹੋਣ ਤੋਂ ਬਚਾਇਆ ਜਾ ਸਕਦਾ ਹੈ। ਉਸ ਨੇ ਦੱਸਿਆ ਕਿ ਪਰਾਲੀ ਨੂੰ ਖੇਤ ਵਿੱਚ ਵਾਹੁਣ ਨਾਲ ਜ਼ਮੀਨ ਦੀ ਉਪਜਾਊ ਸ਼ਕਤੀ ਵਧਦੀ ਹੈ ਅਤੇ ਖਾਦਾਂ ਦੀ ਵਰਤੋਂ ਵੀ ਘਟਦੀ ਹੈ। ਇਸ ਤਕਨੀਕ ਨਾਲ ਖਰਚਾ ਵੀ ਘੱਟ ਆਉਂਦਾ ਹੈ ਅਤੇ ਝਾੜ ਵੀ ਵਧੀਆ ਨਿਕਲਦਾ ਹੈ। ਉਨ੍ਹਾਂ ਕਿਹਾ ਕਿ ਹੋਰਨਾਂ ਕਿਸਾਨਾਂ ਨੂੰ ਵੀ ਪਰਾਲੀ ਨੂੰ ਅੱਗ ਨਹੀਂ ਲਗਾਉਣੀ ਚਾਹੀਦੀ ਅਤੇ ਵਾਤਾਵਰਣ ਦੀ ਸੰਭਾਲ ਵਿੱਚ ਯੋਗਦਾਨ ਪਾਉਣਾ ਚਾਹੀਦਾ ਹੈ।
ਬਿਦਰਵਾਲ ਵਿੱਚ ਵਾਜਬ ਕੀਮਤ ਦੀ ਦੁਕਾਨ ਖੋਲ੍ਹਣ ਲਈ ਔਨਲਾਈਨ ਅਰਜ਼ੀ ਦੀ ਮਿਤੀ ਵਧਾਈ ਗਈ
ਪੈਗਾਮ-ਏ-ਜਗਤ, ਊਨਾ 14 ਮਾਰਚ (ਰਾਜਿੰਦਰ ਕੁਮਾਰ)
ਜ਼ਿਲ੍ਹਾ ਕੰਟਰੋਲਰ ਖੁਰਾਕ, ਸਿਵਲ ਸਪਲਾਈ ਅਤੇ ਖਪਤਕਾਰ ਮਾਮਲੇ ਰਾਜੀਵ ਸ਼ਰਮਾ ਨੇ ਦੱਸਿਆ ਕਿ ਹਰੋਲੀ ਵਿਕਾਸ ਬਲਾਕ ਦੇ ਗ੍ਰਾਮ ਪੰਚਾਇਤ ਬਿਦਰਵਾਲ ਦੇ ਪਿੰਡ ਬਿਦਰਵਾਲ ਵਿੱਚ ਵਾਜਬ ਕੀਮਤ ਦੀ ਦੁਕਾਨ ਖੋਲ੍ਹਣ ਲਈ ਬਿਨੈ ਪੱਤਰ ਜਮ੍ਹਾ ਕਰਨ ਦੀ ਮਿਤੀ 17 ਮਾਰਚ ਤੋਂ 4 ਅਪ੍ਰੈਲ ਤੱਕ ਵਧਾ ਦਿੱਤੀ ਗਈ ਹੈ। ਉਨ੍ਹਾਂ ਦੱਸਿਆ ਕਿ ਤਕਨੀਕੀ ਕਾਰਨਾਂ ਕਰਕੇ ਲੋਕ ਆਨਲਾਈਨ ਅਪਲਾਈ ਨਹੀਂ ਕਰ ਸਕੇ, ਜਿਸ ਕਾਰਨ ਅਪਲਾਈ ਕਰਨ ਦੀ ਤਰੀਕ ਵਧਾਈ ਗਈ ਹੈ। ਇਸ ਸਬੰਧੀ ਕਿਸੇ ਵੀ ਤਰ੍ਹਾਂ ਦੀ ਜਾਣਕਾਰੀ ਪ੍ਰਾਪਤ ਕਰਨ ਲਈ ਦਫ਼ਤਰ ਦੇ ਟੈਲੀਫੋਨ ਨੰਬਰ 01975-226016 'ਤੇ ਸੰਪਰਕ ਕੀਤਾ ਜਾ ਸਕਦਾ ਹੈ।
ਗੜ੍ਹਸ਼ੰਕਰ ਅਧੀਨ ਪੈਂਦੇ ਪਿੰਡ ਭਾਮੀਆਂ ਵਿਖੇ ਡਾ. ਅਮਰਜੀਤ ਰਾਜੂ (ਯੂ.ਕੇ) ਪਿੰਡ ਸਾਬਕਾ ਵਲੋਂ ਆਪਣੇ ਮਾਤਾ-ਪਿਤਾ ਦੀ ਯਾਦ ਵਿਚ ਸਾਲਾਨਾ ਟਰੱਸਟ ਸਮਾਗਮ ਕਰਵਾਇਆ ਗਿਆ। ਡਾ. ਅਮਰਜੀਤ ਰਾਜੂ (ਯੂ.ਕੇ) ਪਿੰਡ ਸਾਬਕਾ ਅਤੇ ਉਨ੍ਹਾਂ ਦੇ ਭਰਾ ਨੇ ਇਸ ਮੌਕੇ ਪਿੰਡ ਦੇ ਲੋੜਵੰਦ ਪਰਿਵਾਰਾਂ ਨੂੰ ਸਹਾਇਤਾ ਦਿੱਤੀ।
ਸੁਸਾਇਟੀ ਪੰਜਾਬ ਦੇ ਸੰਸਥਾਪਕ ਪ੍ਰਧਾਨ ਸਤੀਸ਼ ਕੁਮਾਰ ਸੋਨੀ ਨੇ ਹੋਮੀ ਵਿਖੇ ਵਿਅਕਤੀਆਂ ਨੂੰ ਸਨਮਾਨਿਤ ਕੀਤਾ ਗਿਆ। ਇਸ ਮੌਕੇ ਸਰਪੰਚ ਮਨਜਿੰਦਰ, ਸਾਬਕਾ ਸਰਪੰਚ ਜੋਗਿੰਦਰ ਸਿੰਘ, ਸੁਰਿੰਦਰ ਸਿੰਘ, ਦੇਸਰਾਜ, ਮਾਸਟਰ ਹਰਬਿਲਾਸ ਤੇ ਹੋਰ ਹਾਜ਼ਰ ਸਨ।
ਫੋਟੋ ਅਤੇ ਵੇਰਵਾ-(ਗੜ੍ਹਸ਼ੰਕਰ) ਪੈਗਾਮ-ਏ-ਜਗਤ/ਬਲਵੀਰ ਚੌਪੜਾ
